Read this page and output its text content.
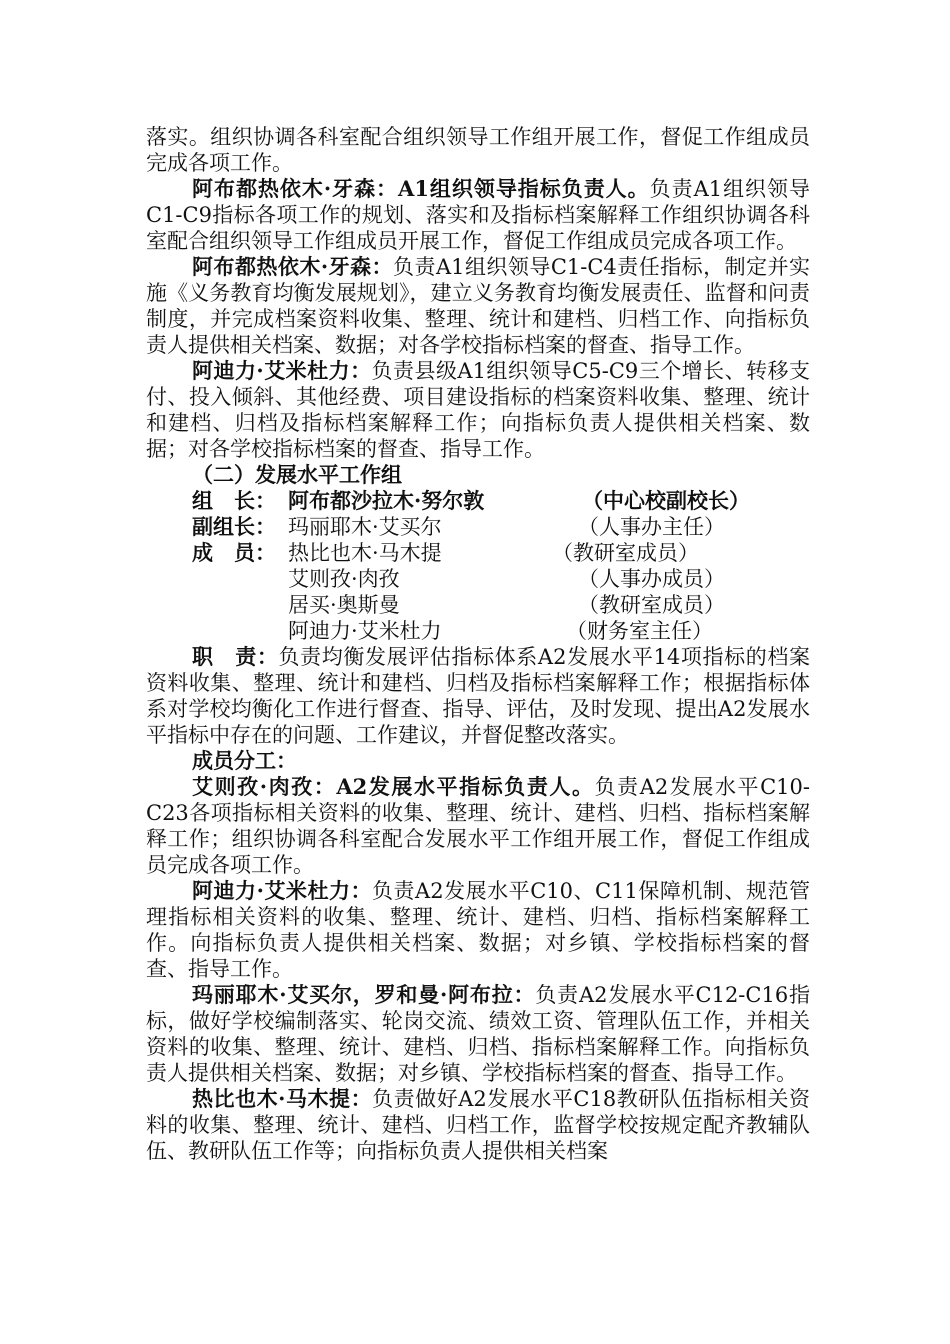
落实。组织协调各科室配合组织领导工作组开展工作，督促工作组成员完成各项工作。

阿布都热依木·牙森：A1组织领导指标负责人。负责A1组织领导C1-C9指标各项工作的规划、落实和及指标档案解释工作组织协调各科室配合组织领导工作组成员开展工作，督促工作组成员完成各项工作。

阿布都热依木·牙森：负责A1组织领导C1-C4责任指标，制定并实施《义务教育均衡发展规划》，建立义务教育均衡发展责任、监督和问责制度，并完成档案资料收集、整理、统计和建档、归档工作、向指标负责人提供相关档案、数据；对各学校指标档案的督查、指导工作。

阿迪力·艾米杜力：负责县级A1组织领导C5-C9三个增长、转移支付、投入倾斜、其他经费、项目建设指标的档案资料收集、整理、统计和建档、归档及指标档案解释工作；向指标负责人提供相关档案、数据；对各学校指标档案的督查、指导工作。

（二）发展水平工作组

组　长： 阿布都沙拉木·努尔敦	（中心校副校长）
副组长： 玛丽耶木·艾买尔	（人事办主任）
成　员： 热比也木·马木提	（教研室成员）
艾则孜·肉孜	（人事办成员）
居买·奥斯曼	（教研室成员）
阿迪力·艾米杜力	（财务室主任）

职　责：负责均衡发展评估指标体系A2发展水平14项指标的档案资料收集、整理、统计和建档、归档及指标档案解释工作；根据指标体系对学校均衡化工作进行督查、指导、评估，及时发现、提出A2发展水平指标中存在的问题、工作建议，并督促整改落实。

成员分工：

艾则孜·肉孜：A2发展水平指标负责人。负责A2发展水平C10-C23各项指标相关资料的收集、整理、统计、建档、归档、指标档案解释工作；组织协调各科室配合发展水平工作组开展工作，督促工作组成员完成各项工作。

阿迪力·艾米杜力：负责A2发展水平C10、C11保障机制、规范管理指标相关资料的收集、整理、统计、建档、归档、指标档案解释工作。向指标负责人提供相关档案、数据；对乡镇、学校指标档案的督查、指导工作。

玛丽耶木·艾买尔，罗和曼·阿布拉：负责A2发展水平C12-C16指标，做好学校编制落实、轮岗交流、绩效工资、管理队伍工作，并相关资料的收集、整理、统计、建档、归档、指标档案解释工作。向指标负责人提供相关档案、数据；对乡镇、学校指标档案的督查、指导工作。

热比也木·马木提：负责做好A2发展水平C18教研队伍指标相关资料的收集、整理、统计、建档、归档工作，监督学校按规定配齐教辅队伍、教研队伍工作等；向指标负责人提供相关档案
